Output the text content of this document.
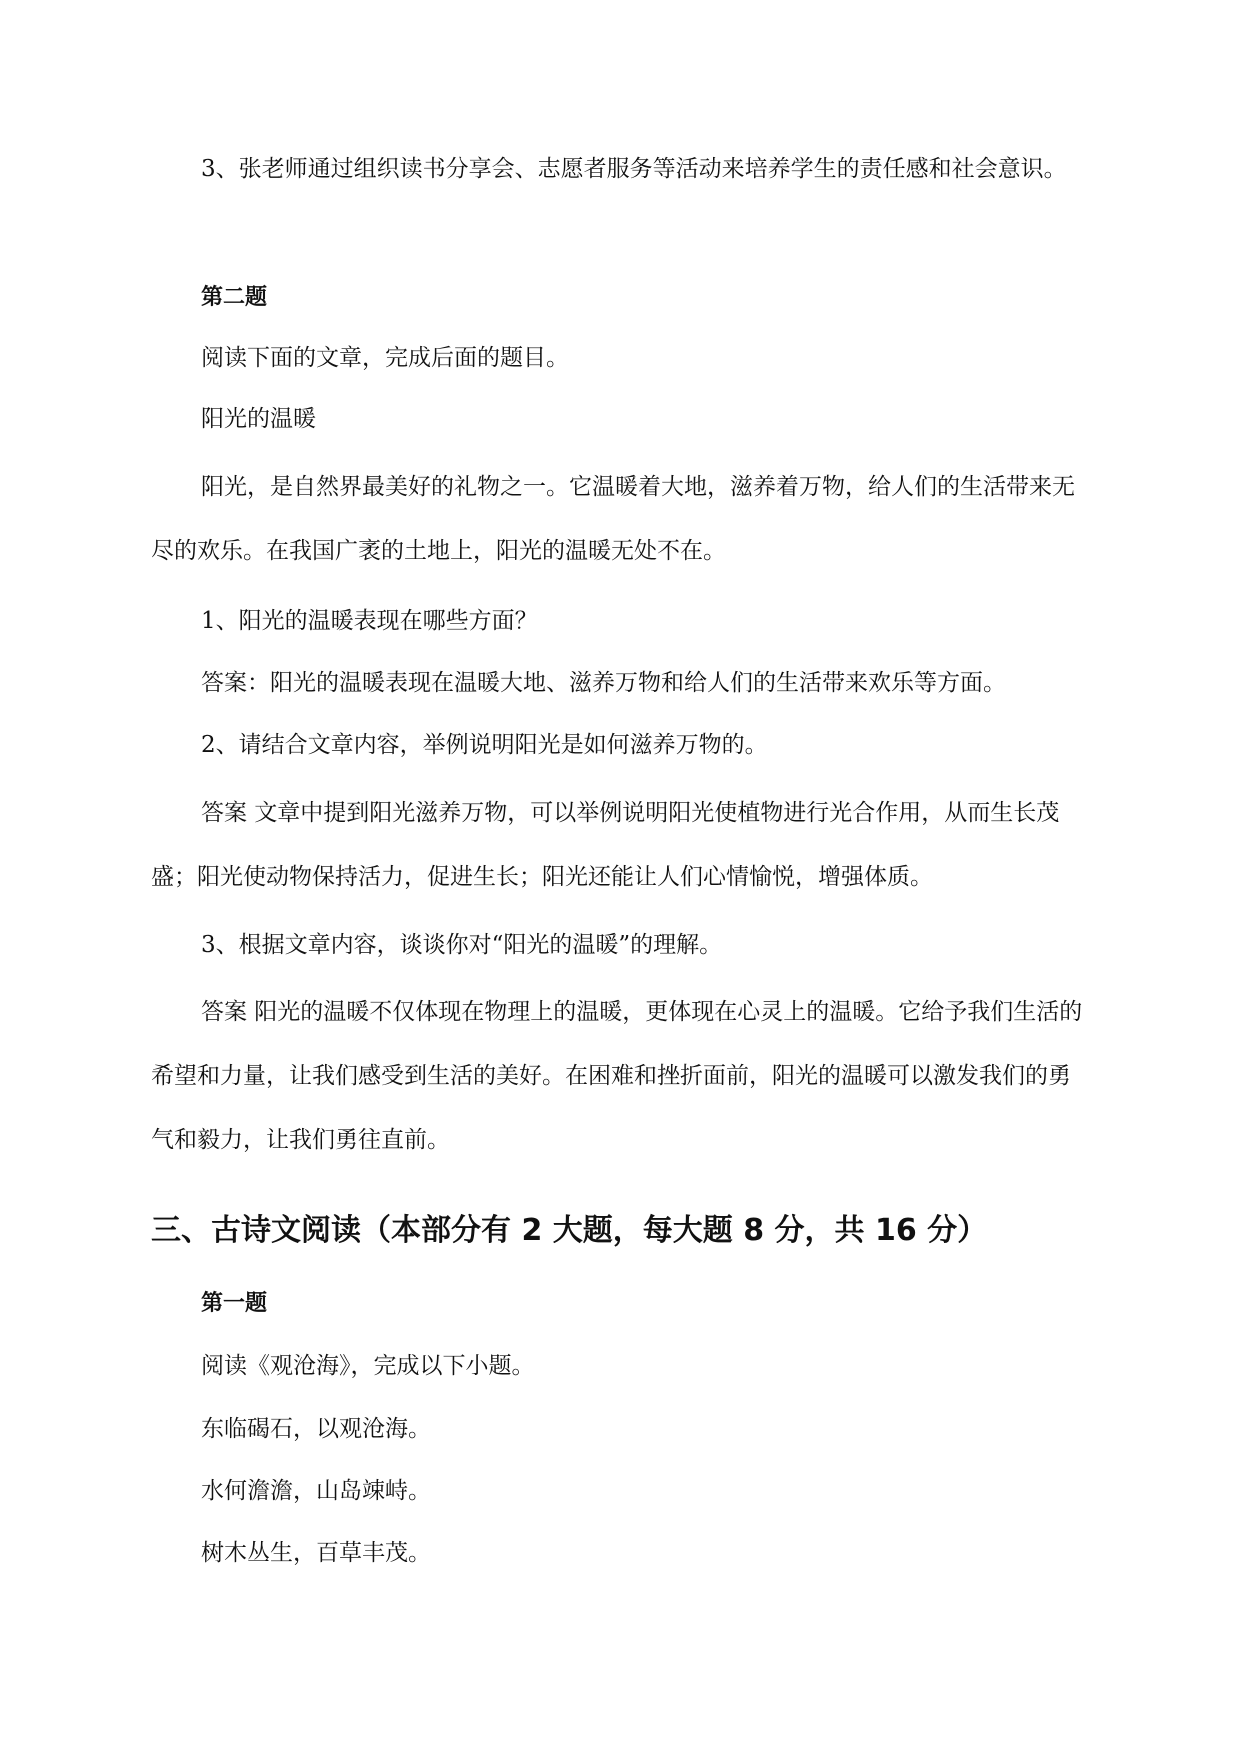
3、张老师通过组织读书分享会、志愿者服务等活动来培养学生的责任感和社会意识。

第二题

阅读下面的文章，完成后面的题目。

阳光的温暖

阳光，是自然界最美好的礼物之一。它温暖着大地，滋养着万物，给人们的生活带来无尽的欢乐。在我国广袤的土地上，阳光的温暖无处不在。

1、阳光的温暖表现在哪些方面？

答案：阳光的温暖表现在温暖大地、滋养万物和给人们的生活带来欢乐等方面。

2、请结合文章内容，举例说明阳光是如何滋养万物的。

答案 文章中提到阳光滋养万物，可以举例说明阳光使植物进行光合作用，从而生长茂盛；阳光使动物保持活力，促进生长；阳光还能让人们心情愉悦，增强体质。

3、根据文章内容，谈谈你对“阳光的温暖”的理解。

答案 阳光的温暖不仅体现在物理上的温暖，更体现在心灵上的温暖。它给予我们生活的希望和力量，让我们感受到生活的美好。在困难和挫折面前，阳光的温暖可以激发我们的勇气和毅力，让我们勇往直前。

三、古诗文阅读（本部分有 2 大题，每大题 8 分，共 16 分）

第一题

阅读《观沧海》，完成以下小题。

东临碣石，以观沧海。

水何澹澹，山岛竦峙。

树木丛生，百草丰茂。
